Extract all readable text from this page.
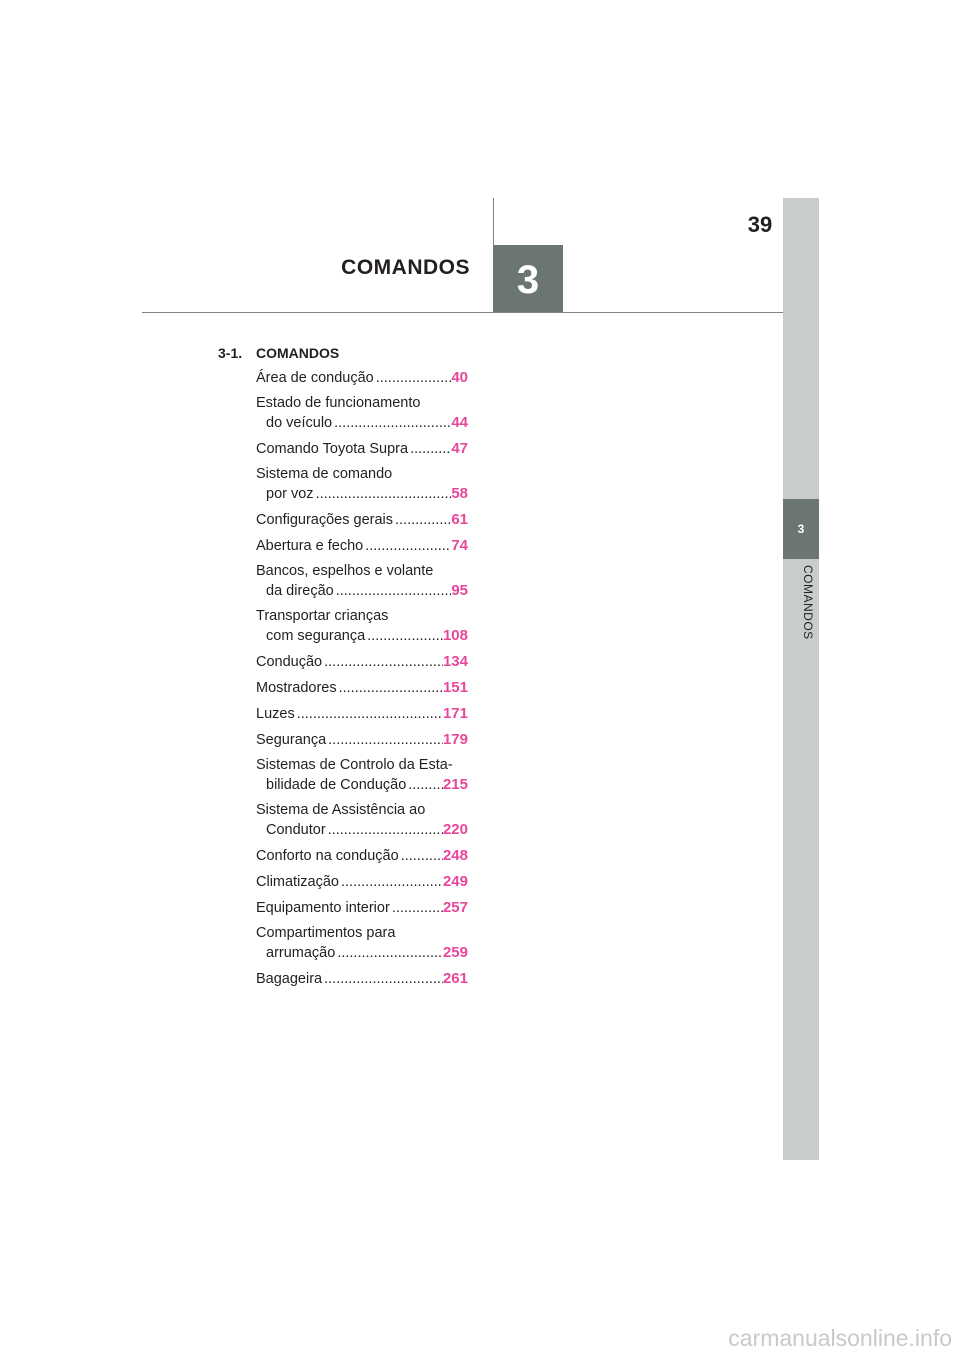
39
COMANDOS	3
3
COMANDOS
3-1. COMANDOS
Área de condução .....	40
Estado de funcionamento
do veículo .....	44
Comando Toyota Supra .....	47
Sistema de comando
por voz .....	58
Configurações gerais .....	61
Abertura e fecho .....	74
Bancos, espelhos e volante
da direção .....	95
Transportar crianças
com segurança .....	108
Condução .....	134
Mostradores .....	151
Luzes .....	171
Segurança .....	179
Sistemas de Controlo da Esta-
bilidade de Condução ..... 215
Sistema de Assistência ao
Condutor .....	220
Conforto na condução .....	248
Climatização .....	249
Equipamento interior .....	257
Compartimentos para
arrumação .....	259
Bagageira .....	261
carmanualsonline.info
